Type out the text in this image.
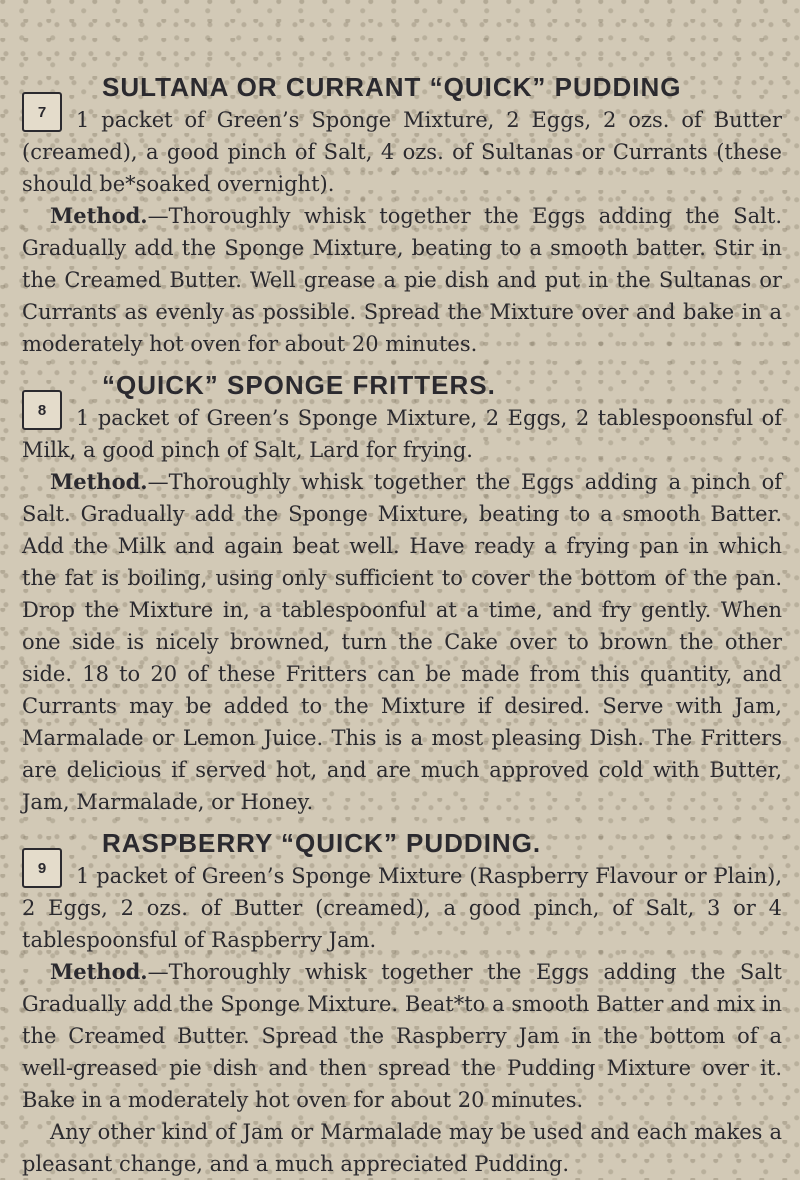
7
SULTANA OR CURRANT “QUICK” PUDDING

1 packet of Green’s Sponge Mixture, 2 Eggs, 2 ozs. of Butter (creamed), a good pinch of Salt, 4 ozs. of Sultanas or Currants (these should be*soaked overnight).

Method.—Thoroughly whisk together the Eggs adding the Salt. Gradually add the Sponge Mixture, beating to a smooth batter. Stir in the Creamed Butter. Well grease a pie dish and put in the Sultanas or Currants as evenly as possible. Spread the Mixture over and bake in a moderately hot oven for about 20 minutes.

8
“QUICK” SPONGE FRITTERS.

1 packet of Green’s Sponge Mixture, 2 Eggs, 2 tablespoonsful of Milk, a good pinch of Salt, Lard for frying.

Method.—Thoroughly whisk together the Eggs adding a pinch of Salt. Gradually add the Sponge Mixture, beating to a smooth Batter. Add the Milk and again beat well. Have ready a frying pan in which the fat is boiling, using only sufficient to cover the bottom of the pan. Drop the Mixture in, a tablespoonful at a time, and fry gently. When one side is nicely browned, turn the Cake over to brown the other side. 18 to 20 of these Fritters can be made from this quantity, and Currants may be added to the Mixture if desired. Serve with Jam, Marmalade or Lemon Juice. This is a most pleasing Dish. The Fritters are delicious if served hot, and are much approved cold with Butter, Jam, Marmalade, or Honey.

9
RASPBERRY “QUICK” PUDDING.

1 packet of Green’s Sponge Mixture (Raspberry Flavour or Plain), 2 Eggs, 2 ozs. of Butter (creamed), a good pinch, of Salt, 3 or 4 tablespoonsful of Raspberry Jam.

Method.—Thoroughly whisk together the Eggs adding the Salt Gradually add the Sponge Mixture. Beat*to a smooth Batter and mix in the Creamed Butter. Spread the Raspberry Jam in the bottom of a well-greased pie dish and then spread the Pudding Mixture over it. Bake in a moderately hot oven for about 20 minutes.

Any other kind of Jam or Marmalade may be used and each makes a pleasant change, and a much appreciated Pudding.
